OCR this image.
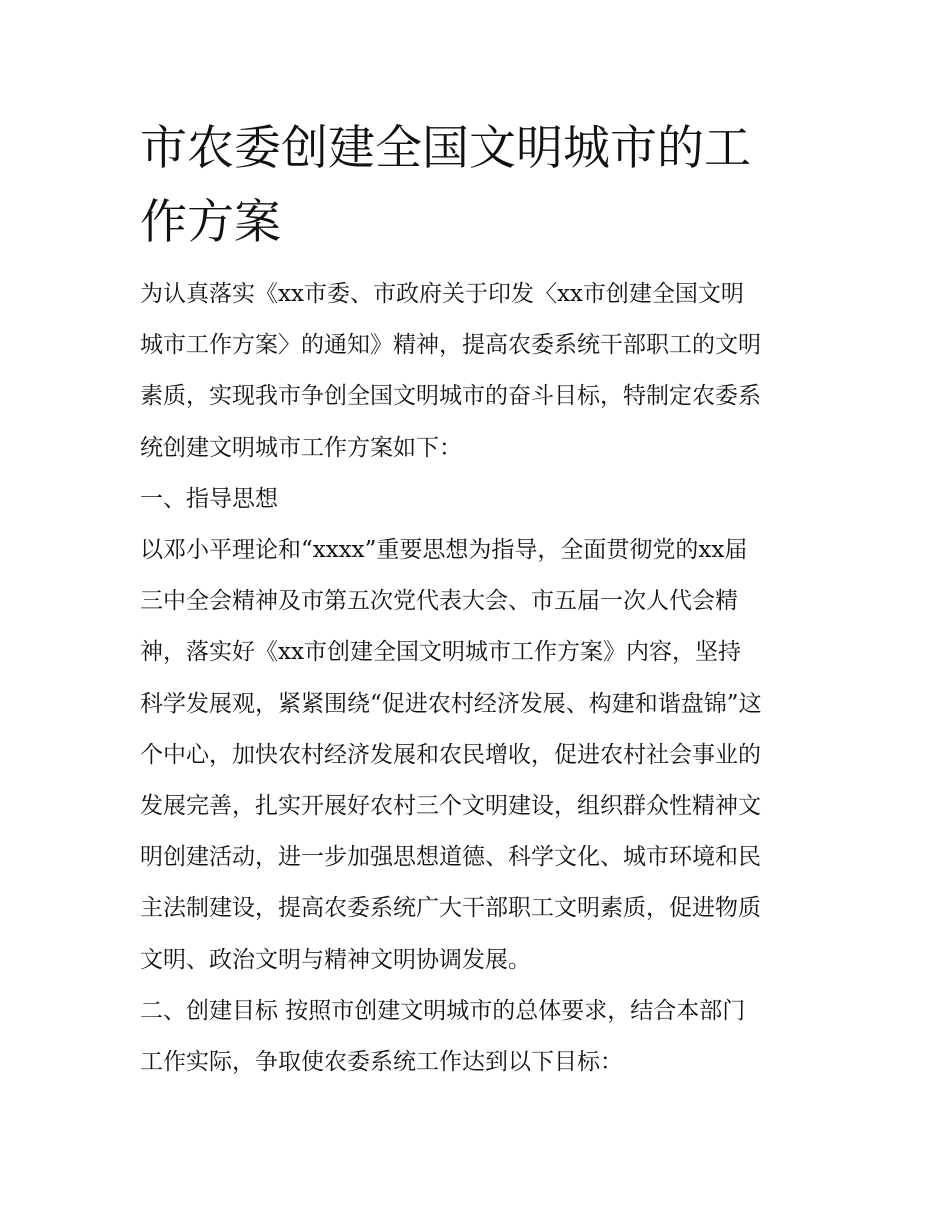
市农委创建全国文明城市的工
作方案
为认真落实《xx市委、市政府关于印发〈xx市创建全国文明
城市工作方案〉的通知》精神，提高农委系统干部职工的文明
素质，实现我市争创全国文明城市的奋斗目标，特制定农委系
统创建文明城市工作方案如下：
一、指导思想
以邓小平理论和“xxxx”重要思想为指导，全面贯彻党的xx届
三中全会精神及市第五次党代表大会、市五届一次人代会精
神，落实好《xx市创建全国文明城市工作方案》内容，坚持
科学发展观，紧紧围绕“促进农村经济发展、构建和谐盘锦”这
个中心，加快农村经济发展和农民增收，促进农村社会事业的
发展完善，扎实开展好农村三个文明建设，组织群众性精神文
明创建活动，进一步加强思想道德、科学文化、城市环境和民
主法制建设，提高农委系统广大干部职工文明素质，促进物质
文明、政治文明与精神文明协调发展。
二、创建目标 按照市创建文明城市的总体要求，结合本部门
工作实际，争取使农委系统工作达到以下目标：
